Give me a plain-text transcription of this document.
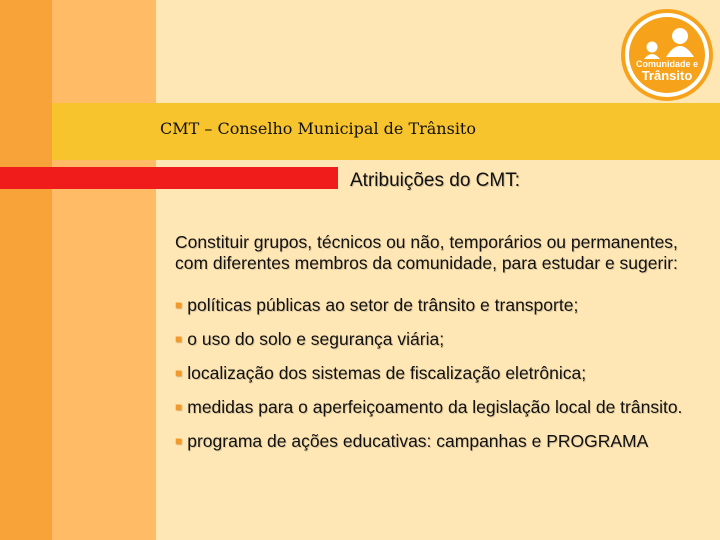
CMT – Conselho Municipal de Trânsito
Comunidade e
Trânsito
Atribuições do CMT:

Constituir grupos, técnicos ou não, temporários ou permanentes, com diferentes membros da comunidade, para estudar e sugerir:

■ políticas públicas ao setor de trânsito e transporte;
■ o uso do solo e segurança viária;
■ localização dos sistemas de fiscalização eletrônica;
■ medidas para o aperfeiçoamento da legislação local de trânsito.
■ programa de ações educativas: campanhas e PROGRAMA
